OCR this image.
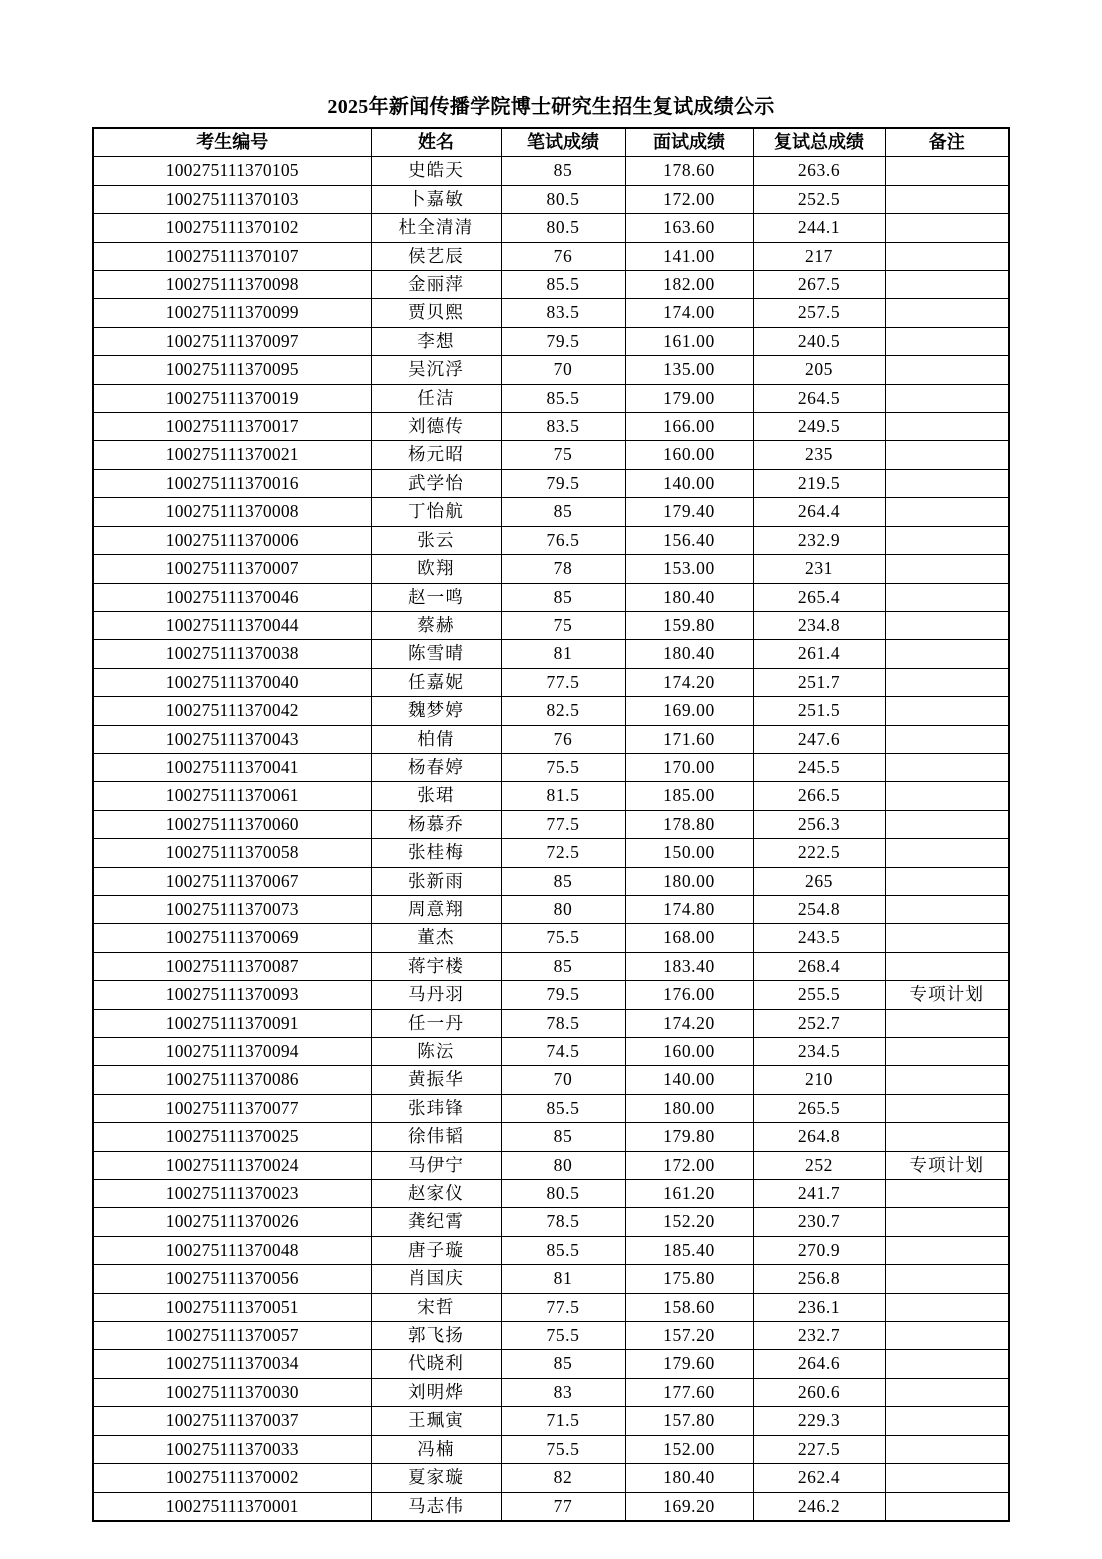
2025年新闻传播学院博士研究生招生复试成绩公示
考生编号	姓名	笔试成绩	面试成绩	复试总成绩	备注
100275111370105	史皓天	85	178.60	263.6	
100275111370103	卜嘉敏	80.5	172.00	252.5	
100275111370102	杜全清清	80.5	163.60	244.1	
100275111370107	侯艺辰	76	141.00	217	
100275111370098	金丽萍	85.5	182.00	267.5	
100275111370099	贾贝熙	83.5	174.00	257.5	
100275111370097	李想	79.5	161.00	240.5	
100275111370095	吴沉浮	70	135.00	205	
100275111370019	任洁	85.5	179.00	264.5	
100275111370017	刘德传	83.5	166.00	249.5	
100275111370021	杨元昭	75	160.00	235	
100275111370016	武学怡	79.5	140.00	219.5	
100275111370008	丁怡航	85	179.40	264.4	
100275111370006	张云	76.5	156.40	232.9	
100275111370007	欧翔	78	153.00	231	
100275111370046	赵一鸣	85	180.40	265.4	
100275111370044	蔡赫	75	159.80	234.8	
100275111370038	陈雪晴	81	180.40	261.4	
100275111370040	任嘉妮	77.5	174.20	251.7	
100275111370042	魏梦婷	82.5	169.00	251.5	
100275111370043	柏倩	76	171.60	247.6	
100275111370041	杨春婷	75.5	170.00	245.5	
100275111370061	张珺	81.5	185.00	266.5	
100275111370060	杨慕乔	77.5	178.80	256.3	
100275111370058	张桂梅	72.5	150.00	222.5	
100275111370067	张新雨	85	180.00	265	
100275111370073	周意翔	80	174.80	254.8	
100275111370069	董杰	75.5	168.00	243.5	
100275111370087	蒋宇楼	85	183.40	268.4	
100275111370093	马丹羽	79.5	176.00	255.5	专项计划
100275111370091	任一丹	78.5	174.20	252.7	
100275111370094	陈沄	74.5	160.00	234.5	
100275111370086	黄振华	70	140.00	210	
100275111370077	张玮锋	85.5	180.00	265.5	
100275111370025	徐伟韬	85	179.80	264.8	
100275111370024	马伊宁	80	172.00	252	专项计划
100275111370023	赵家仪	80.5	161.20	241.7	
100275111370026	龚纪霄	78.5	152.20	230.7	
100275111370048	唐子璇	85.5	185.40	270.9	
100275111370056	肖国庆	81	175.80	256.8	
100275111370051	宋哲	77.5	158.60	236.1	
100275111370057	郭飞扬	75.5	157.20	232.7	
100275111370034	代晓利	85	179.60	264.6	
100275111370030	刘明烨	83	177.60	260.6	
100275111370037	王珮寅	71.5	157.80	229.3	
100275111370033	冯楠	75.5	152.00	227.5	
100275111370002	夏家璇	82	180.40	262.4	
100275111370001	马志伟	77	169.20	246.2	
